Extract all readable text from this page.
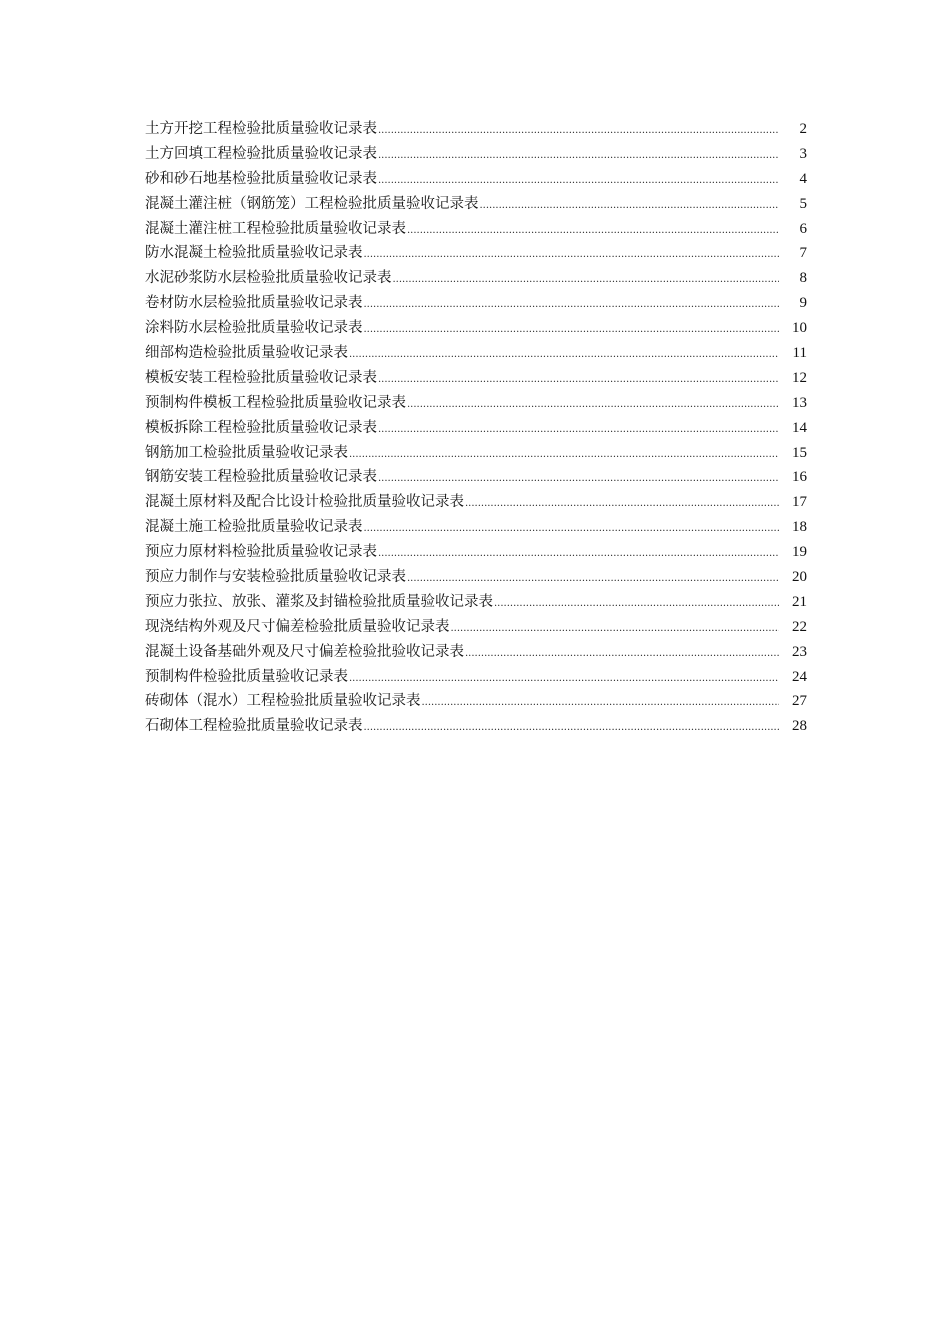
土方开挖工程检验批质量验收记录表 .....	2
土方回填工程检验批质量验收记录表 .....	3
砂和砂石地基检验批质量验收记录表 .....	4
混凝土灌注桩（钢筋笼）工程检验批质量验收记录表 .....	5
混凝土灌注桩工程检验批质量验收记录表 .....	6
防水混凝土检验批质量验收记录表 .....	7
水泥砂浆防水层检验批质量验收记录表 .....	8
卷材防水层检验批质量验收记录表 .....	9
涂料防水层检验批质量验收记录表 .....	10
细部构造检验批质量验收记录表 .....	11
模板安装工程检验批质量验收记录表 .....	12
预制构件模板工程检验批质量验收记录表 .....	13
模板拆除工程检验批质量验收记录表 .....	14
钢筋加工检验批质量验收记录表 .....	15
钢筋安装工程检验批质量验收记录表 .....	16
混凝土原材料及配合比设计检验批质量验收记录表 .....	17
混凝土施工检验批质量验收记录表 .....	18
预应力原材料检验批质量验收记录表 .....	19
预应力制作与安装检验批质量验收记录表 .....	20
预应力张拉、放张、灌浆及封锚检验批质量验收记录表 .....	21
现浇结构外观及尺寸偏差检验批质量验收记录表 .....	22
混凝土设备基础外观及尺寸偏差检验批验收记录表 .....	23
预制构件检验批质量验收记录表 .....	24
砖砌体（混水）工程检验批质量验收记录表 .....	27
石砌体工程检验批质量验收记录表 .....	28
